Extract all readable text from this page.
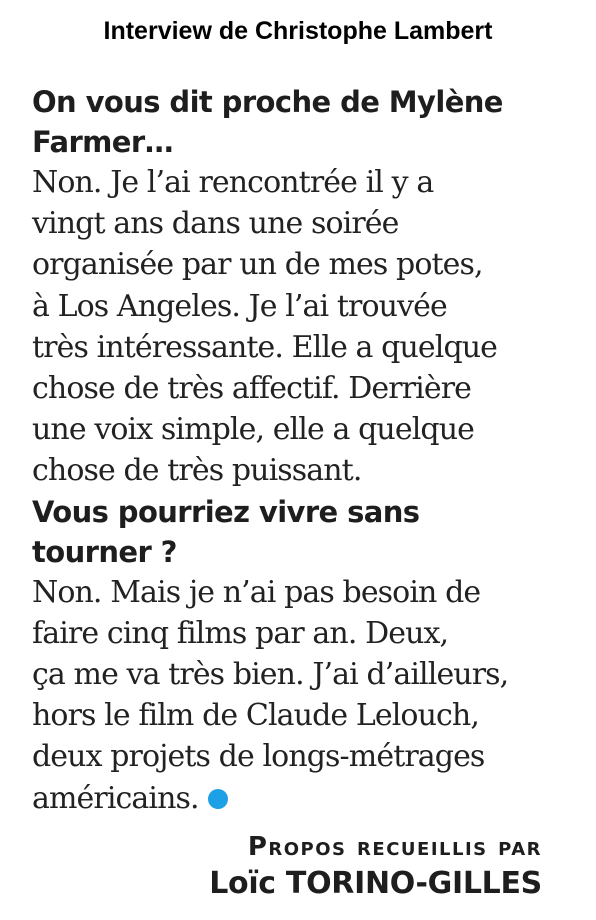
Interview de Christophe Lambert

On vous dit proche de Mylène

Farmer…

Non. Je l’ai rencontrée il y a

vingt ans dans une soirée

organisée par un de mes potes,

à Los Angeles. Je l’ai trouvée

très intéressante. Elle a quelque

chose de très affectif. Derrière

une voix simple, elle a quelque

chose de très puissant.

Vous pourriez vivre sans

tourner ?

Non. Mais je n’ai pas besoin de

faire cinq films par an. Deux,

ça me va très bien. J’ai d’ailleurs,

hors le film de Claude Lelouch,

deux projets de longs-métrages

américains.

Propos recueillis par
Loïc TORINO-GILLES
